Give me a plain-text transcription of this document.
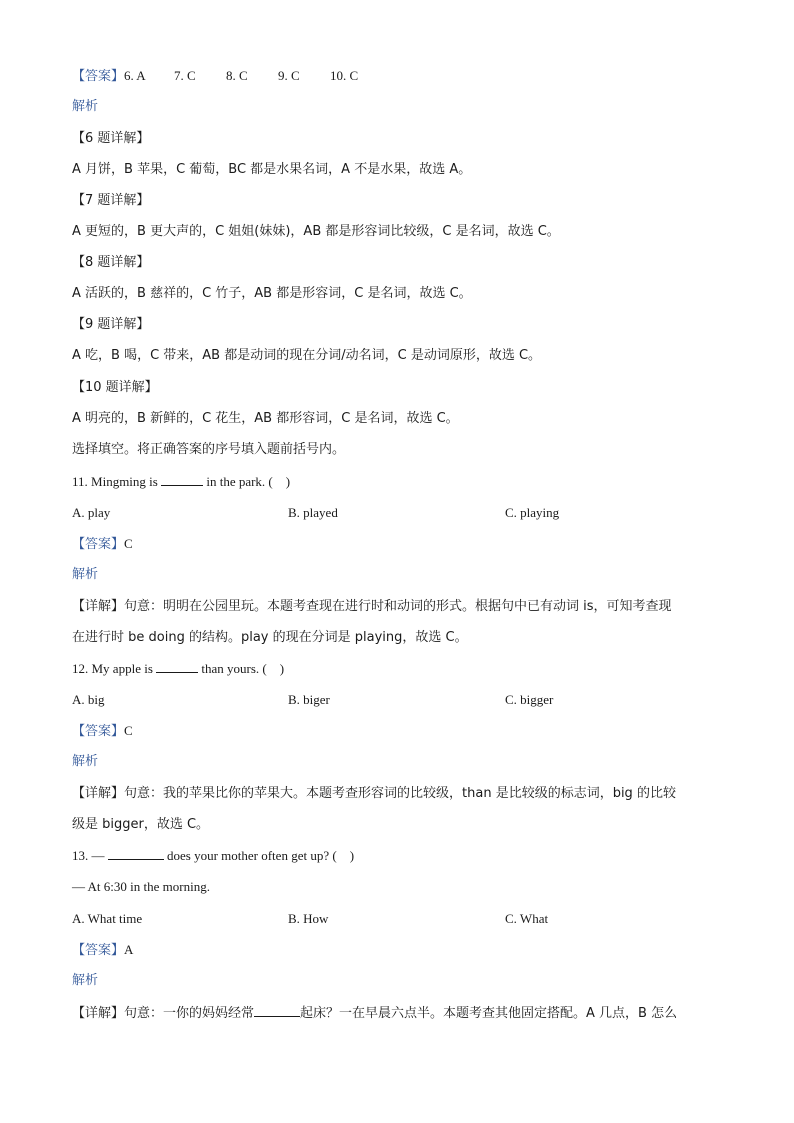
【答案】6. A 7. C 8. C 9. C 10. C
解析
【6 题详解】
A 月饼，B 苹果，C 葡萄，BC 都是水果名词，A 不是水果，故选 A。
【7 题详解】
A 更短的，B 更大声的，C 姐姐(妹妹)，AB 都是形容词比较级，C 是名词，故选 C。
【8 题详解】
A 活跃的，B 慈祥的，C 竹子，AB 都是形容词，C 是名词，故选 C。
【9 题详解】
A 吃，B 喝，C 带来，AB 都是动词的现在分词/动名词，C 是动词原形，故选 C。
【10 题详解】
A 明亮的，B 新鲜的，C 花生，AB 都形容词，C 是名词，故选 C。
选择填空。将正确答案的序号填入题前括号内。
11. Mingming is	in the park. ( )
A. play	B. played	C. playing
【答案】C
解析
【详解】句意：明明在公园里玩。本题考查现在进行时和动词的形式。根据句中已有动词 is，可知考查现
在进行时 be doing 的结构。play 的现在分词是 playing，故选 C。
12. My apple is	than yours. ( )
A. big	B. biger	C. bigger
【答案】C
解析
【详解】句意：我的苹果比你的苹果大。本题考查形容词的比较级，than 是比较级的标志词，big 的比较
级是 bigger，故选 C。
13. —	does your mother often get up? ( )
— At 6:30 in the morning.
A. What time	B. How	C. What
【答案】A
解析
【详解】句意：一你的妈妈经常	起床？一在早晨六点半。本题考查其他固定搭配。A 几点，B 怎么
